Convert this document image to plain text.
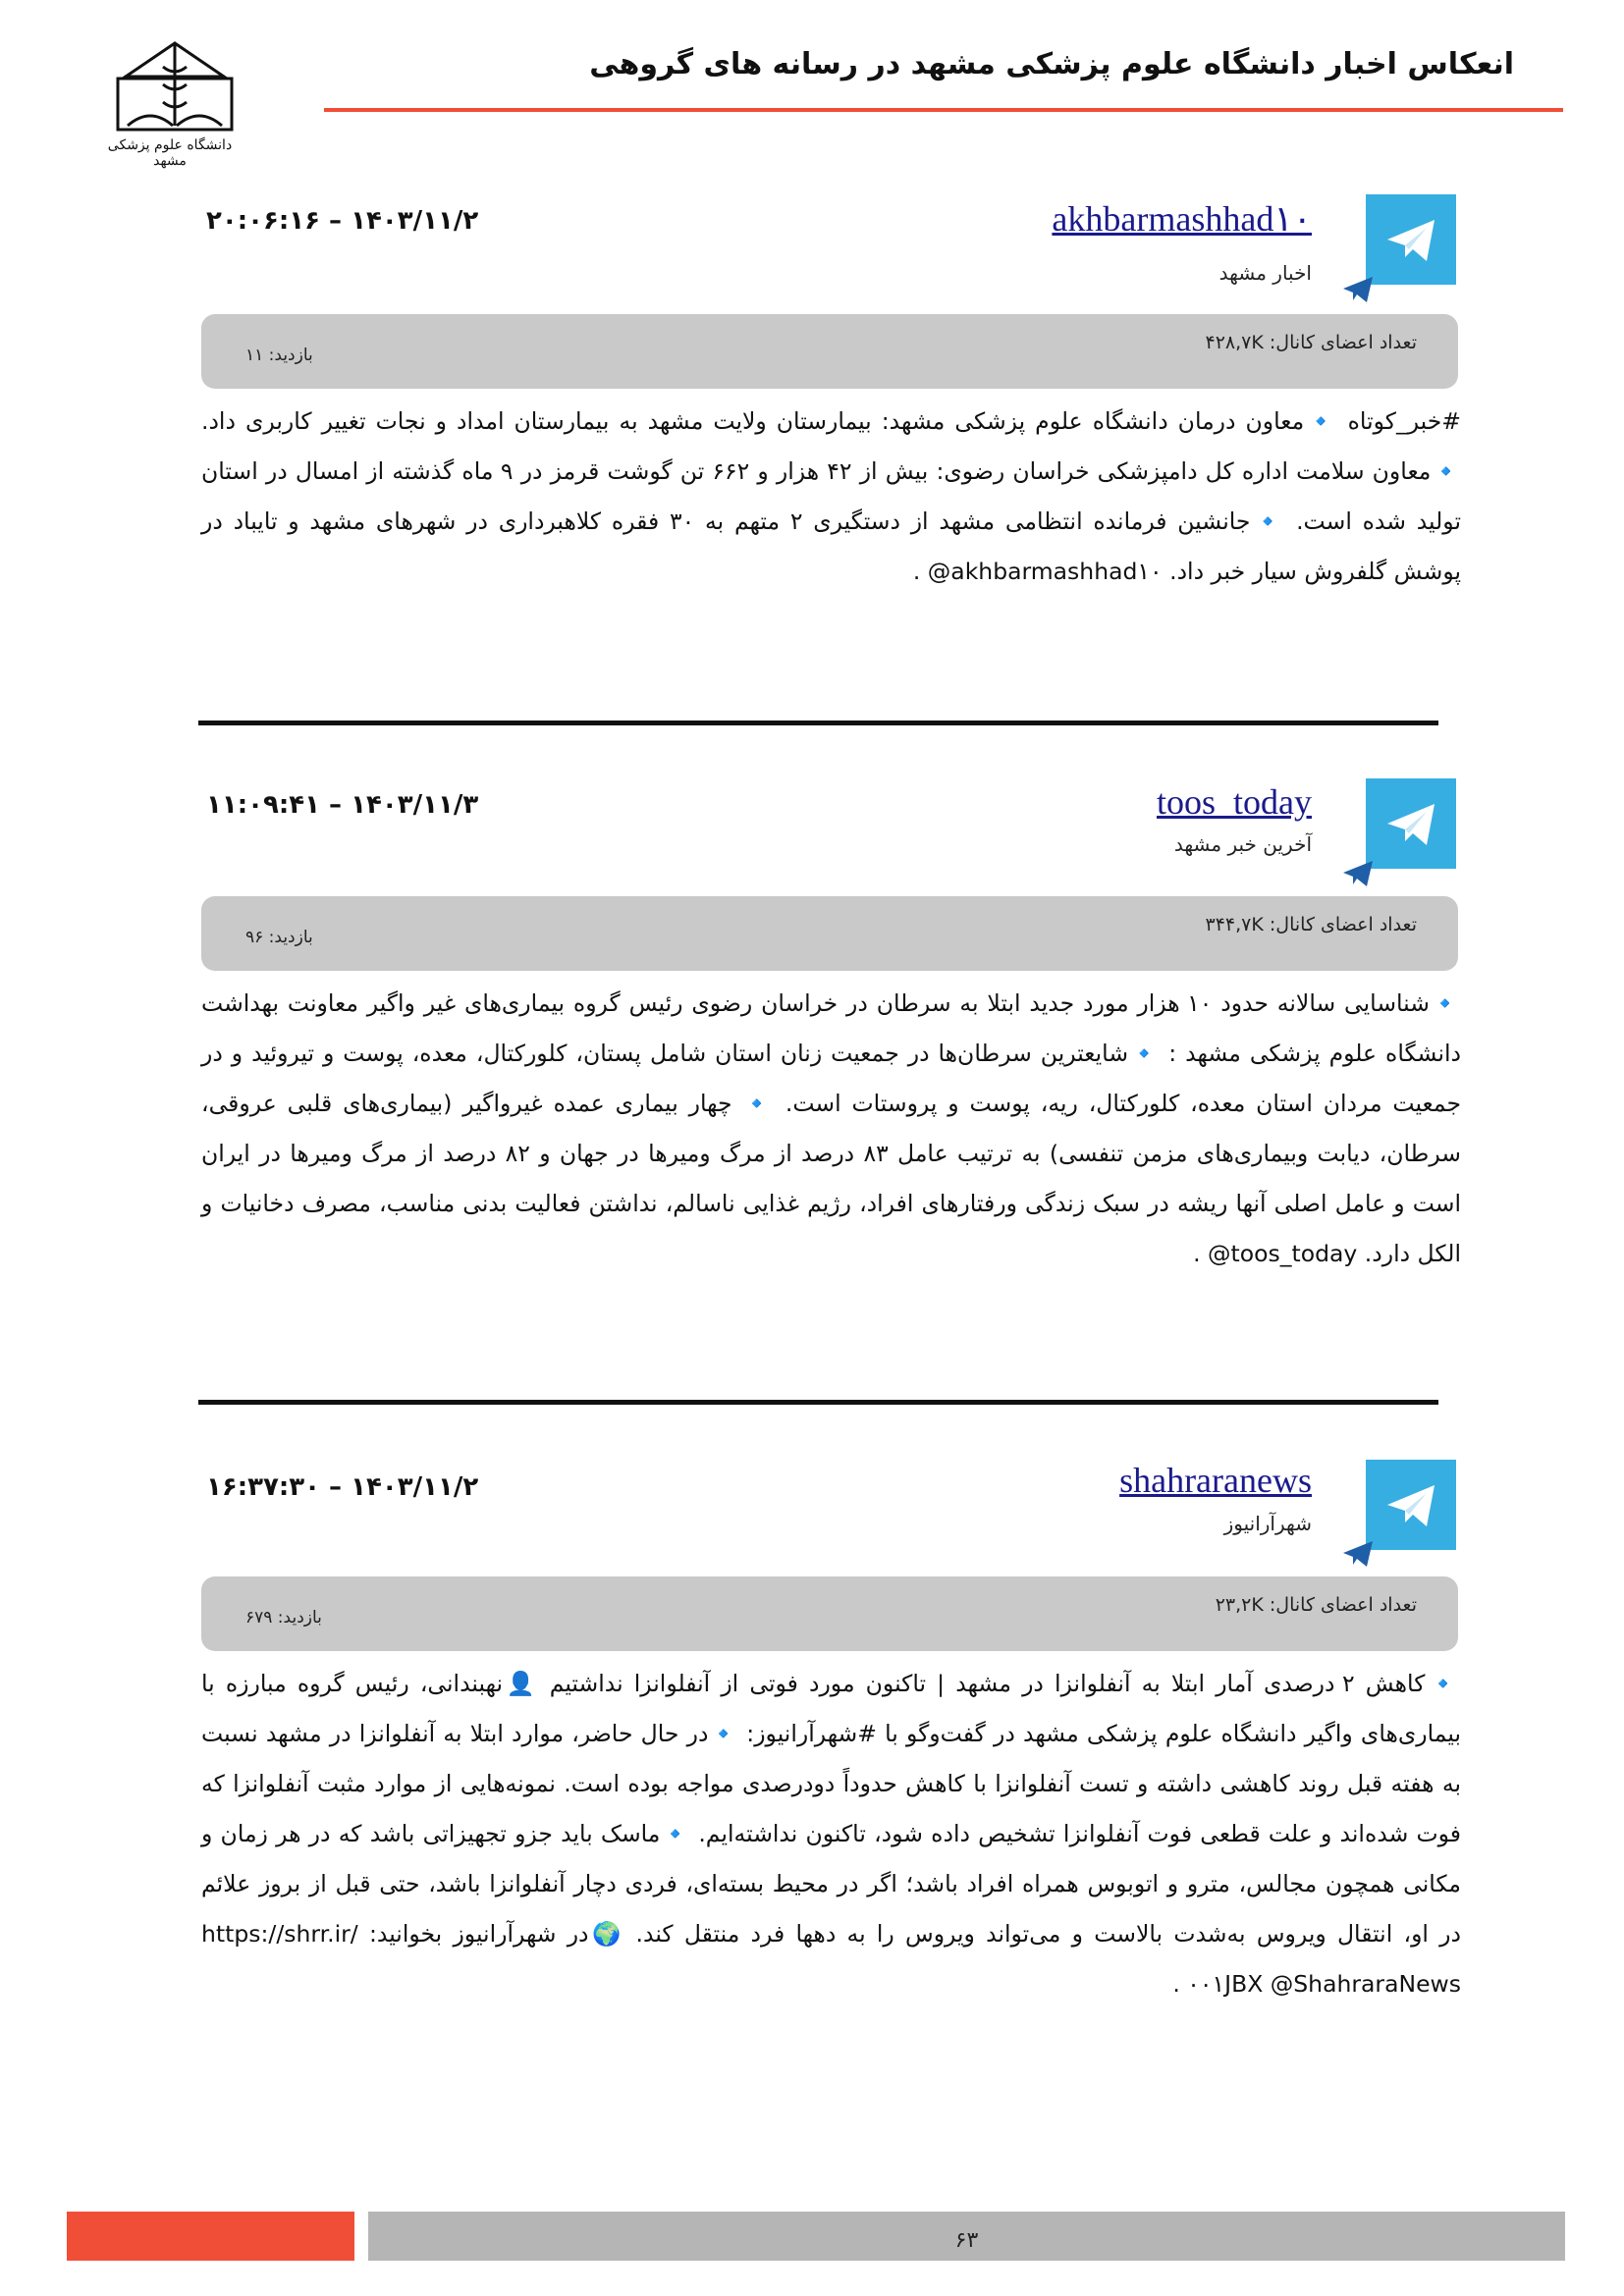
دانشگاه علوم پزشکی مشهد
انعکاس اخبار دانشگاه علوم پزشکی مشهد در رسانه های گروهی
akhbarmashhad۱۰
اخبار مشهد
۲۰:۰۶:۱۶ – ۱۴۰۳/۱۱/۲
تعداد اعضای کانال: ۴۲۸,۷K
بازدید: ۱۱
#خبر_کوتاه 🔹معاون درمان دانشگاه علوم پزشکی مشهد: بیمارستان ولایت مشهد به بیمارستان امداد و نجات تغییر کاربری داد. 🔹معاون سلامت اداره کل دامپزشکی خراسان رضوی: بیش از ۴۲ هزار و ۶۶۲ تن گوشت قرمز در ۹ ماه گذشته از امسال در استان تولید شده است. 🔹جانشین فرمانده انتظامی مشهد از دستگیری ۲ متهم به ۳۰ فقره کلاهبرداری در شهرهای مشهد و تایباد در پوشش گلفروش سیار خبر داد. akhbarmashhad۱۰@ .
toos_today
آخرین خبر مشهد
۱۱:۰۹:۴۱ – ۱۴۰۳/۱۱/۳
تعداد اعضای کانال: ۳۴۴,۷K
بازدید: ۹۶
🔹شناسایی سالانه حدود ۱۰ هزار مورد جدید ابتلا به سرطان در خراسان رضوی رئیس گروه بیماری‌های غیر واگیر معاونت بهداشت دانشگاه علوم پزشکی مشهد : 🔹شایعترین سرطان‌ها در جمعیت زنان استان شامل پستان، کلورکتال، معده، پوست و تیروئید و در جمعیت مردان استان معده، کلورکتال، ریه، پوست و پروستات است. 🔹 چهار بیماری عمده غیرواگیر (بیماری‌های قلبی عروقی، سرطان، دیابت وبیماری‌های مزمن تنفسی) به ترتیب عامل ۸۳ درصد از مرگ ومیرها در جهان و ۸۲ درصد از مرگ ومیرها در ایران است و عامل اصلی آنها ریشه در سبک زندگی ورفتارهای افراد، رژیم غذایی ناسالم، نداشتن فعالیت بدنی مناسب، مصرف دخانیات و الکل دارد. toos_today@ .
shahraranews
شهرآرانیوز
۱۶:۳۷:۳۰ – ۱۴۰۳/۱۱/۲
تعداد اعضای کانال: ۲۳,۲K
بازدید: ۶۷۹
🔹کاهش ۲ درصدی آمار ابتلا به آنفلوانزا در مشهد | تاکنون مورد فوتی از آنفلوانزا نداشتیم 👤نهبندانی، رئیس گروه مبارزه با بیماری‌های واگیر دانشگاه علوم پزشکی مشهد در گفت‌وگو با #شهرآرانیوز: 🔹در حال حاضر، موارد ابتلا به آنفلوانزا در مشهد نسبت به هفته قبل روند کاهشی داشته و تست آنفلوانزا با کاهش حدوداً دودرصدی مواجه بوده است. نمونه‌هایی از موارد مثبت آنفلوانزا که فوت شده‌اند و علت قطعی فوت آنفلوانزا تشخیص داده شود، تاکنون نداشته‌ایم. 🔹ماسک باید جزو تجهیزاتی باشد که در هر زمان و مکانی همچون مجالس، مترو و اتوبوس همراه افراد باشد؛ اگر در محیط بسته‌ای، فردی دچار آنفلوانزا باشد، حتی قبل از بروز علائم در او، انتقال ویروس به‌شدت بالاست و می‌تواند ویروس را به دهها فرد منتقل کند. 🌍در شهرآرانیوز بخوانید: https://shrr.ir/۰۰۱JBX @ShahraraNews .
۶۳
